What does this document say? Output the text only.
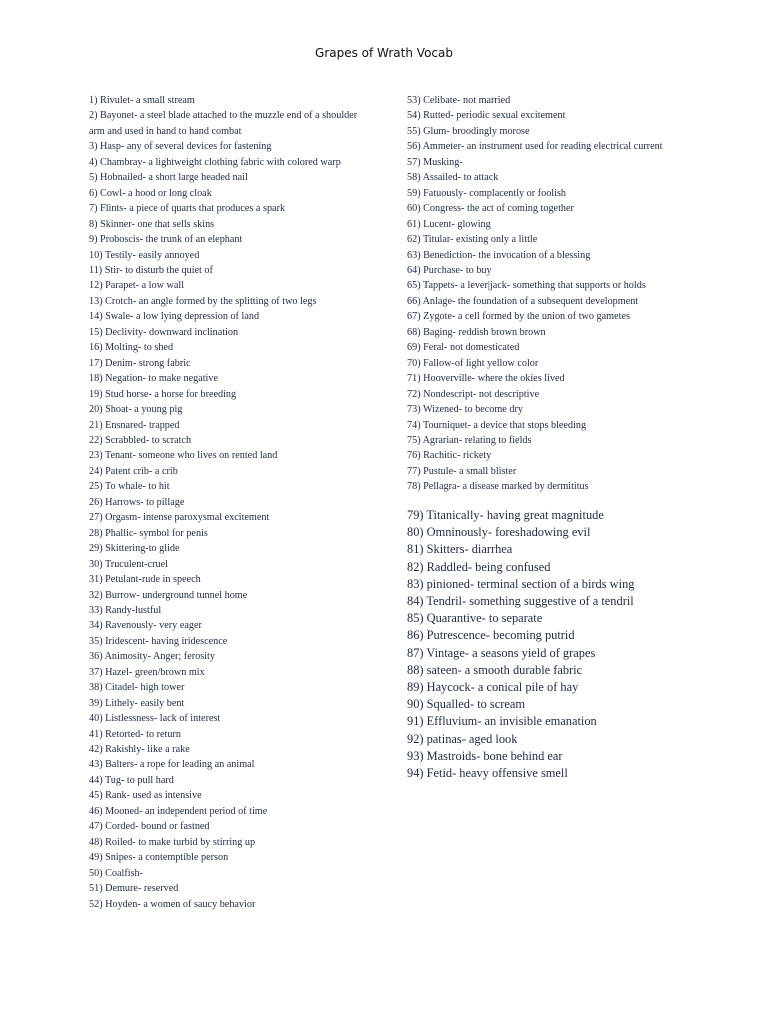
Grapes of Wrath Vocab
1) Rivulet- a small stream
2) Bayonet- a steel blade attached to the muzzle end of a shoulder arm and used in hand to hand combat
3) Hasp- any of several devices for fastening
4) Chambray- a lightweight clothing fabric with colored warp
5) Hobnailed- a short large headed nail
6) Cowl- a hood or long cloak
7) Flints- a piece of quarts that produces a spark
8) Skinner- one that sells skins
9) Proboscis- the trunk of an elephant
10) Testily- easily annoyed
11) Stir- to disturb the quiet of
12) Parapet- a low wall
13) Crotch- an angle formed by the splitting of two legs
14) Swale- a low lying depression of land
15) Declivity- downward inclination
16) Molting- to shed
17) Denim- strong fabric
18) Negation- to make negative
19) Stud horse- a horse for breeding
20) Shoat- a young pig
21) Ensnared- trapped
22) Scrabbled- to scratch
23) Tenant- someone who lives on rented land
24) Patent crib- a crib
25) To whale- to hit
26) Harrows- to pillage
27) Orgasm- intense paroxysmal excitement
28) Phallic- symbol for penis
29) Skittering-to glide
30) Truculent-cruel
31) Petulant-rude in speech
32) Burrow- underground tunnel home
33) Randy-lustful
34) Ravenously- very eager
35) Iridescent- having iridescence
36) Animosity- Anger; ferosity
37) Hazel- green/brown mix
38) Citadel- high tower
39) Lithely- easily bent
40) Listlessness- lack of interest
41) Retorted- to return
42) Rakishly- like a rake
43) Balters- a rope for leading an animal
44) Tug- to pull hard
45) Rank- used as intensive
46) Mooned- an independent period of time
47) Corded- bound or fastned
48) Roiled- to make turbid by stirring up
49) Snipes- a contemptible person
50) Coalfish-
51) Demure- reserved
52) Hoyden- a women of saucy behavior
53) Celibate- not married
54) Rutted- periodic sexual excitement
55) Glum- broodingly morose
56) Ammeter- an instrument used for reading electrical current
57) Musking-
58) Assailed- to attack
59) Fatuously- complacently or foolish
60) Congress- the act of coming together
61) Lucent- glowing
62) Titular- existing only a little
63) Benediction- the invocation of a blessing
64) Purchase- to buy
65) Tappets- a lever|jack- something that supports or holds
66) Anlage- the foundation of a subsequent development
67) Zygote- a cell formed by the union of two gametes
68) Baging- reddish brown brown
69) Feral- not domesticated
70) Fallow-of light yellow color
71) Hooverville- where the okies lived
72) Nondescript- not descriptive
73) Wizened- to become dry
74) Tourniquet- a device that stops bleeding
75) Agrarian- relating to fields
76) Rachitic- rickety
77) Pustule- a small blister
78) Pellagra- a disease marked by dermititus
79) Titanically- having great magnitude
80) Omninously- foreshadowing evil
81) Skitters- diarrhea
82) Raddled- being confused
83) pinioned- terminal section of a birds wing
84) Tendril- something suggestive of a tendril
85) Quarantive- to separate
86) Putrescence- becoming putrid
87) Vintage- a seasons yield of grapes
88) sateen- a smooth durable fabric
89) Haycock- a conical pile of hay
90) Squalled- to scream
91) Effluvium- an invisible emanation
92) patinas- aged look
93) Mastroids- bone behind ear
94) Fetid- heavy offensive smell
